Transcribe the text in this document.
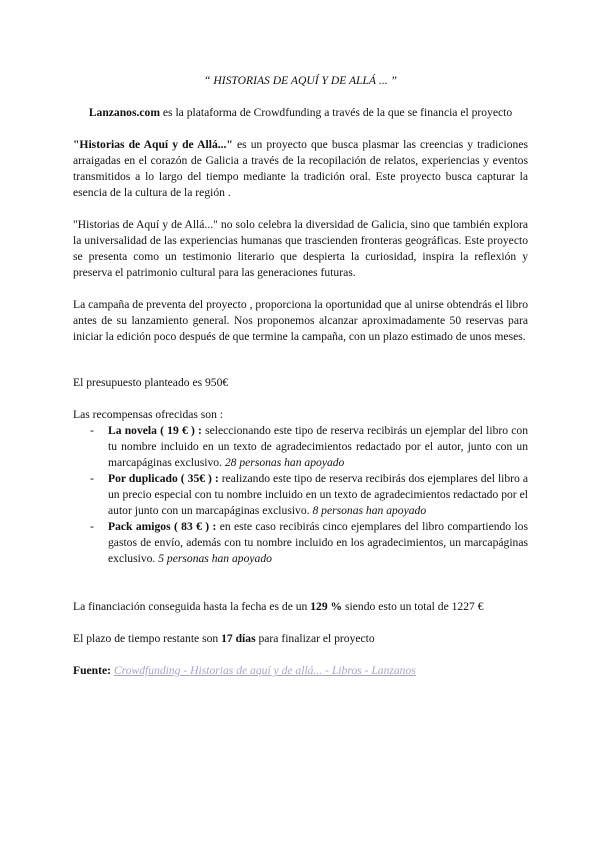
“ HISTORIAS DE AQUÍ Y DE ALLÁ ... ”

Lanzanos.com es la plataforma de Crowdfunding a través de la que se financia el proyecto

"Historias de Aquí y de Allá..." es un proyecto que busca plasmar las creencias y tradiciones arraigadas en el corazón de Galicia a través de la recopilación de relatos, experiencias y eventos transmitidos a lo largo del tiempo mediante la tradición oral. Este proyecto busca capturar la esencia de la cultura de la región .

"Historias de Aquí y de Allá..." no solo celebra la diversidad de Galicia, sino que también explora la universalidad de las experiencias humanas que trascienden fronteras geográficas. Este proyecto se presenta como un testimonio literario que despierta la curiosidad, inspira la reflexión y preserva el patrimonio cultural para las generaciones futuras.

La campaña de preventa del proyecto , proporciona la oportunidad que al unirse obtendrás el libro antes de su lanzamiento general. Nos proponemos alcanzar aproximadamente 50 reservas para iniciar la edición poco después de que termine la campaña, con un plazo estimado de unos meses.

El presupuesto planteado es 950€

Las recompensas ofrecidas son :

- La novela ( 19 € ) : seleccionando este tipo de reserva recibirás un ejemplar del libro con tu nombre incluido en un texto de agradecimientos redactado por el autor, junto con un marcapáginas exclusivo. 28 personas han apoyado
- Por duplicado ( 35€ ) : realizando este tipo de reserva recibirás dos ejemplares del libro a un precio especial con tu nombre incluido en un texto de agradecimientos redactado por el autor junto con un marcapáginas exclusivo. 8 personas han apoyado
- Pack amigos ( 83 € ) : en este caso recibirás cinco ejemplares del libro compartiendo los gastos de envío, además con tu nombre incluido en los agradecimientos, un marcapáginas exclusivo. 5 personas han apoyado

La financiación conseguida hasta la fecha es de un 129 % siendo esto un total de 1227 €

El plazo de tiempo restante son 17 días para finalizar el proyecto

Fuente: Crowdfunding - Historias de aquí y de allá... - Libros - Lanzanos
